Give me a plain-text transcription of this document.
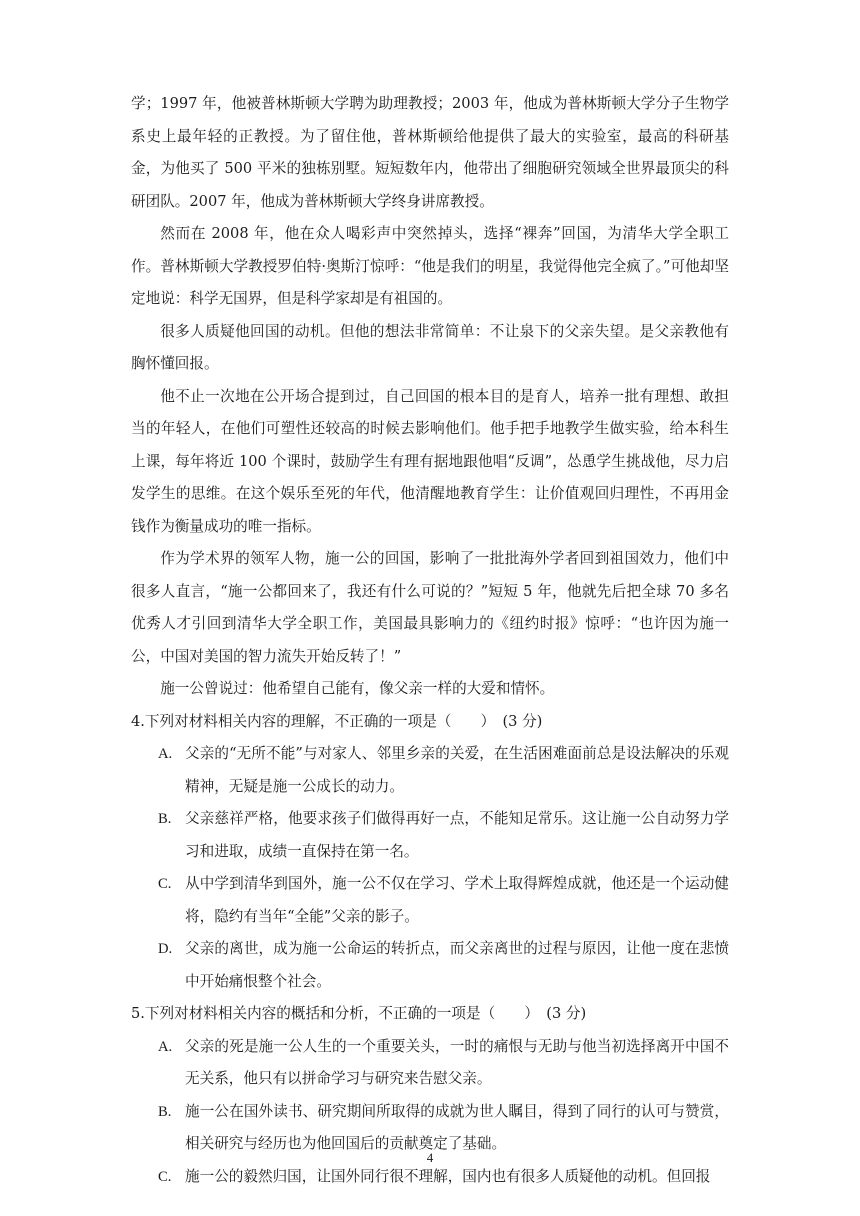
学；1997 年，他被普林斯顿大学聘为助理教授；2003 年，他成为普林斯顿大学分子生物学系史上最年轻的正教授。为了留住他，普林斯顿给他提供了最大的实验室，最高的科研基金，为他买了 500 平米的独栋别墅。短短数年内，他带出了细胞研究领域全世界最顶尖的科研团队。2007 年，他成为普林斯顿大学终身讲席教授。

然而在 2008 年，他在众人喝彩声中突然掉头，选择“裸奔”回国，为清华大学全职工作。普林斯顿大学教授罗伯特·奥斯汀惊呼：“他是我们的明星，我觉得他完全疯了。”可他却坚定地说：科学无国界，但是科学家却是有祖国的。

很多人质疑他回国的动机。但他的想法非常简单：不让泉下的父亲失望。是父亲教他有胸怀懂回报。

他不止一次地在公开场合提到过，自己回国的根本目的是育人，培养一批有理想、敢担当的年轻人，在他们可塑性还较高的时候去影响他们。他手把手地教学生做实验，给本科生上课，每年将近 100 个课时，鼓励学生有理有据地跟他唱“反调”，怂恿学生挑战他，尽力启发学生的思维。在这个娱乐至死的年代，他清醒地教育学生：让价值观回归理性，不再用金钱作为衡量成功的唯一指标。

作为学术界的领军人物，施一公的回国，影响了一批批海外学者回到祖国效力，他们中很多人直言，“施一公都回来了，我还有什么可说的？”短短 5 年，他就先后把全球 70 多名优秀人才引回到清华大学全职工作，美国最具影响力的《纽约时报》惊呼：“也许因为施一公，中国对美国的智力流失开始反转了！”

施一公曾说过：他希望自己能有，像父亲一样的大爱和情怀。

4.下列对材料相关内容的理解，不正确的一项是（　　）　(3 分)

A. 父亲的“无所不能”与对家人、邻里乡亲的关爱，在生活困难面前总是设法解决的乐观精神，无疑是施一公成长的动力。
B. 父亲慈祥严格，他要求孩子们做得再好一点，不能知足常乐。这让施一公自动努力学习和进取，成绩一直保持在第一名。
C. 从中学到清华到国外，施一公不仅在学习、学术上取得辉煌成就，他还是一个运动健将，隐约有当年“全能”父亲的影子。
D. 父亲的离世，成为施一公命运的转折点，而父亲离世的过程与原因，让他一度在悲愤中开始痛恨整个社会。

5.下列对材料相关内容的概括和分析，不正确的一项是（　　）　(3 分)

A. 父亲的死是施一公人生的一个重要关头，一时的痛恨与无助与他当初选择离开中国不无关系，他只有以拼命学习与研究来告慰父亲。
B. 施一公在国外读书、研究期间所取得的成就为世人瞩目，得到了同行的认可与赞赏，相关研究与经历也为他回国后的贡献奠定了基础。
C. 施一公的毅然归国，让国外同行很不理解，国内也有很多人质疑他的动机。但回报
4
